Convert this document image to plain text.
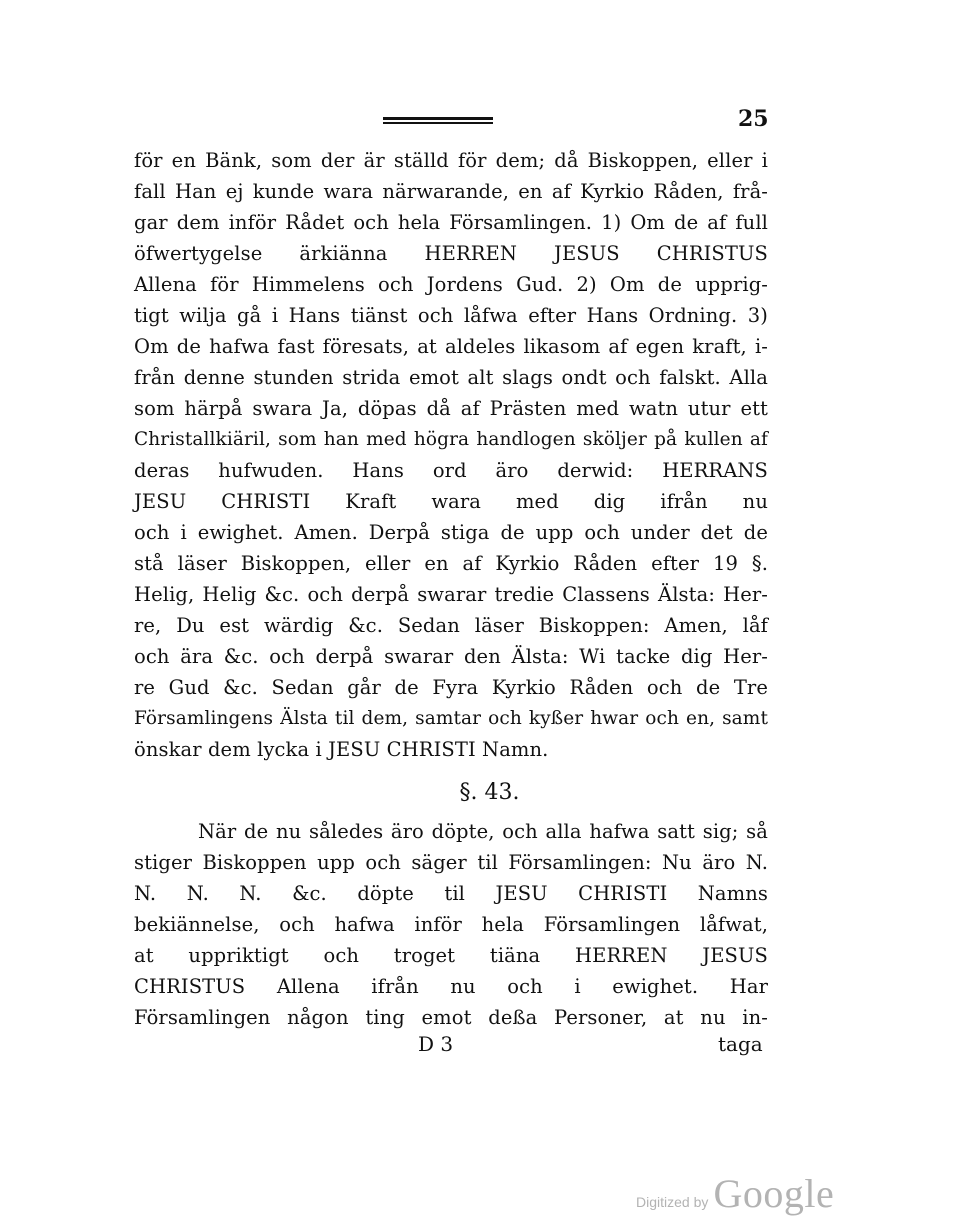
25
för en Bänk, som der är ställd för dem; då Biskoppen, eller i
fall Han ej kunde wara närwarande, en af Kyrkio Råden, frå-
gar dem inför Rådet och hela Församlingen. 1) Om de af full
öfwertygelse ärkiänna HERREN JESUS CHRISTUS
Allena för Himmelens och Jordens Gud. 2) Om de upprig-
tigt wilja gå i Hans tiänst och låfwa efter Hans Ordning. 3)
Om de hafwa fast föresats, at aldeles likasom af egen kraft, i-
från denne stunden strida emot alt slags ondt och falskt. Alla
som härpå swara Ja, döpas då af Prästen med watn utur ett
Christallkiäril, som han med högra handlogen sköljer på kullen af
deras hufwuden. Hans ord äro derwid: HERRANS
JESU CHRISTI Kraft wara med dig ifrån nu
och i ewighet. Amen. Derpå stiga de upp och under det de
stå läser Biskoppen, eller en af Kyrkio Råden efter 19 §.
Helig, Helig &c. och derpå swarar tredie Classens Älsta: Her-
re, Du est wärdig &c. Sedan läser Biskoppen: Amen, låf
och ära &c. och derpå swarar den Älsta: Wi tacke dig Her-
re Gud &c. Sedan går de Fyra Kyrkio Råden och de Tre
Församlingens Älsta til dem, samtar och kyßer hwar och en, samt
önskar dem lycka i JESU CHRISTI Namn.
§. 43.
När de nu således äro döpte, och alla hafwa satt sig; så
stiger Biskoppen upp och säger til Församlingen: Nu äro N.
N. N. N. &c. döpte til JESU CHRISTI Namns
bekiännelse, och hafwa inför hela Församlingen låfwat,
at uppriktigt och troget tiäna HERREN JESUS
CHRISTUS Allena ifrån nu och i ewighet. Har
Församlingen någon ting emot deßa Personer, at nu in-
D 3	taga
Digitized by Google
